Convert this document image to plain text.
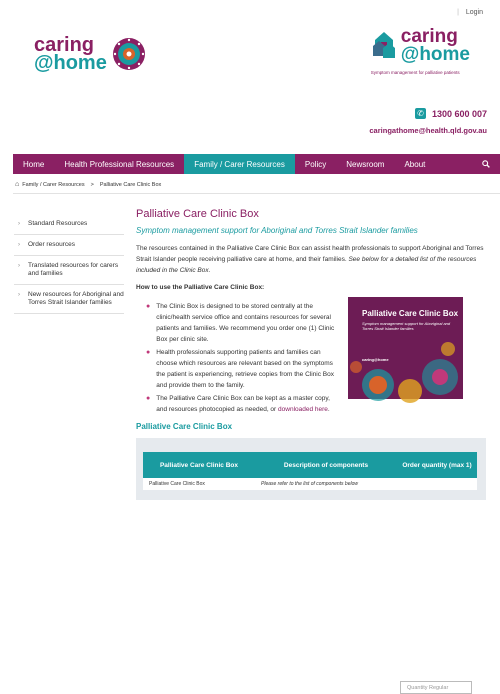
| Login
caring
@home
caring
@home
Symptom management for palliative patients
✆ 1300 600 007
caringathome@health.qld.gov.au
Home	Health Professional Resources	Family / Carer Resources	Policy	Newsroom	About
⌂ Family / Carer Resources > Palliative Care Clinic Box
› Standard Resources
› Order resources
› Translated resources for carers and families
› New resources for Aboriginal and Torres Strait Islander families
Palliative Care Clinic Box
Symptom management support for Aboriginal and Torres Strait Islander families

The resources contained in the Palliative Care Clinic Box can assist health professionals to support Aboriginal and Torres Strait Islander people receiving palliative care at home, and their families. See below for a detailed list of the resources included in the Clinic Box.

How to use the Palliative Care Clinic Box:

● The Clinic Box is designed to be stored centrally at the clinic/health service office and contains resources for several patients and families. We recommend you order one (1) Clinic Box per clinic site.
● Health professionals supporting patients and families can choose which resources are relevant based on the symptoms the patient is experiencing, retrieve copies from the Clinic Box and provide them to the family.
● The Palliative Care Clinic Box can be kept as a master copy, and resources photocopied as needed, or downloaded here.
Palliative Care Clinic Box
Symptom management support for Aboriginal and Torres Strait Islander families
caring@home
Palliative Care Clinic Box
Palliative Care Clinic Box	Description of components	Order quantity (max 1)
Palliative Care Clinic Box	Please refer to the list of components below
Quantity Regular
